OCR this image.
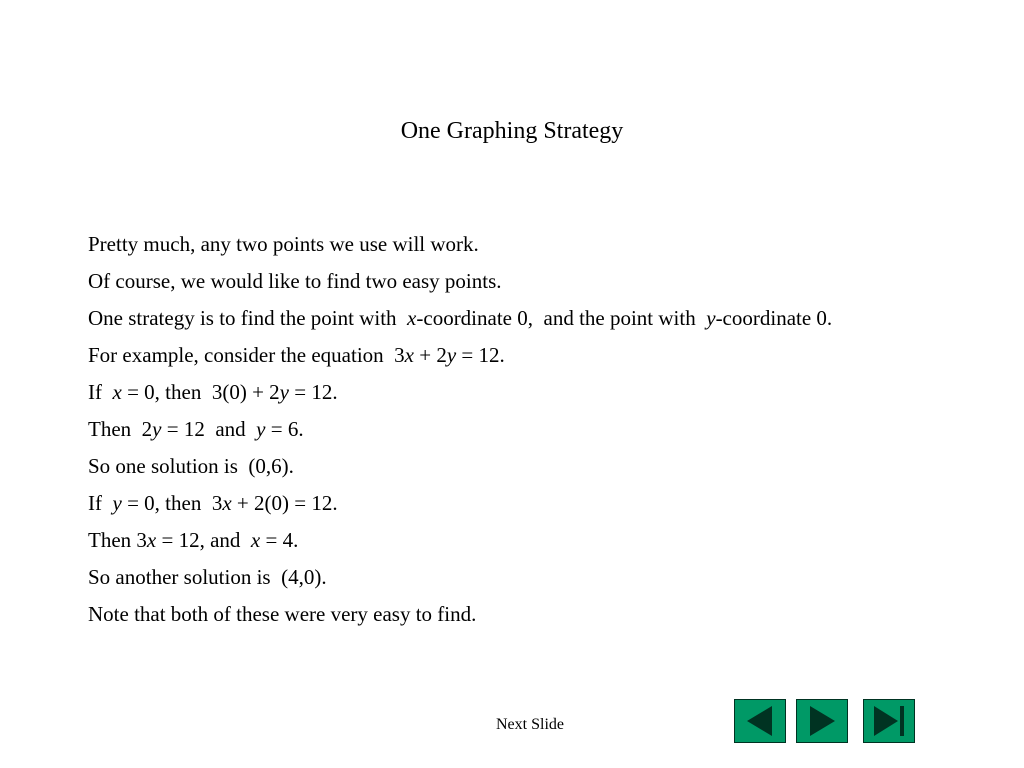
One Graphing Strategy

Pretty much, any two points we use will work.

Of course, we would like to find two easy points.

One strategy is to find the point with  x-coordinate 0,  and the point with  y-coordinate 0.

For example, consider the equation  3x + 2y = 12.

If  x = 0, then  3(0) + 2y = 12.

Then  2y = 12  and  y = 6.

So one solution is  (0,6).

If  y = 0, then  3x + 2(0) = 12.

Then 3x = 12, and  x = 4.

So another solution is  (4,0).

Note that both of these were very easy to find.

Next Slide
